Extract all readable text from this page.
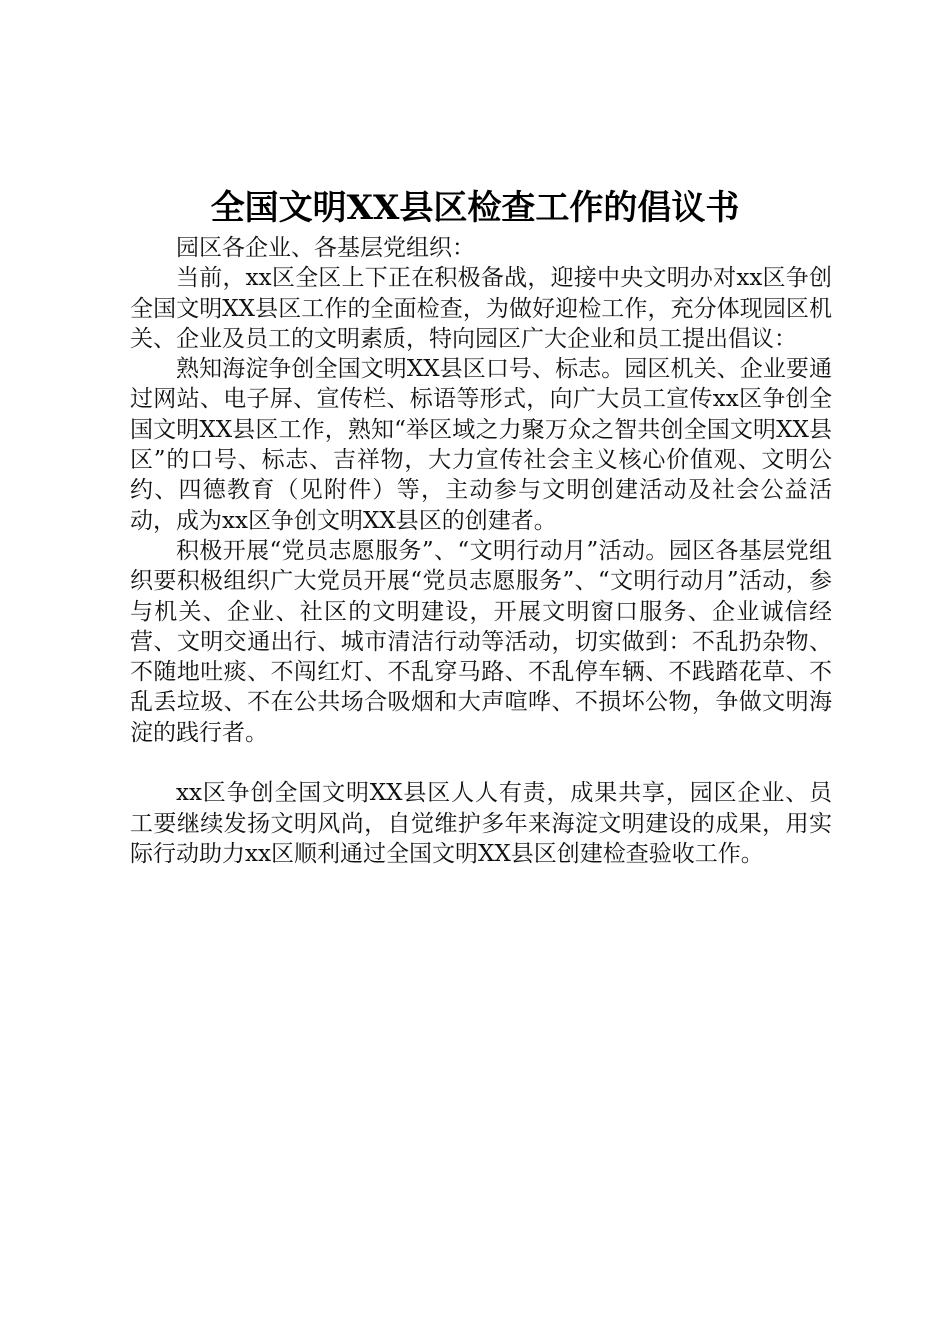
全国文明XX县区检查工作的倡议书

园区各企业、各基层党组织：

当前，xx区全区上下正在积极备战，迎接中央文明办对xx区争创全国文明XX县区工作的全面检查，为做好迎检工作，充分体现园区机关、企业及员工的文明素质，特向园区广大企业和员工提出倡议：

熟知海淀争创全国文明XX县区口号、标志。园区机关、企业要通过网站、电子屏、宣传栏、标语等形式，向广大员工宣传xx区争创全国文明XX县区工作，熟知“举区域之力聚万众之智共创全国文明XX县区”的口号、标志、吉祥物，大力宣传社会主义核心价值观、文明公约、四德教育（见附件）等，主动参与文明创建活动及社会公益活动，成为xx区争创文明XX县区的创建者。

积极开展“党员志愿服务”、“文明行动月”活动。园区各基层党组织要积极组织广大党员开展“党员志愿服务”、“文明行动月”活动，参与机关、企业、社区的文明建设，开展文明窗口服务、企业诚信经营、文明交通出行、城市清洁行动等活动，切实做到：不乱扔杂物、不随地吐痰、不闯红灯、不乱穿马路、不乱停车辆、不践踏花草、不乱丢垃圾、不在公共场合吸烟和大声喧哗、不损坏公物，争做文明海淀的践行者。

xx区争创全国文明XX县区人人有责，成果共享，园区企业、员工要继续发扬文明风尚，自觉维护多年来海淀文明建设的成果，用实际行动助力xx区顺利通过全国文明XX县区创建检查验收工作。
